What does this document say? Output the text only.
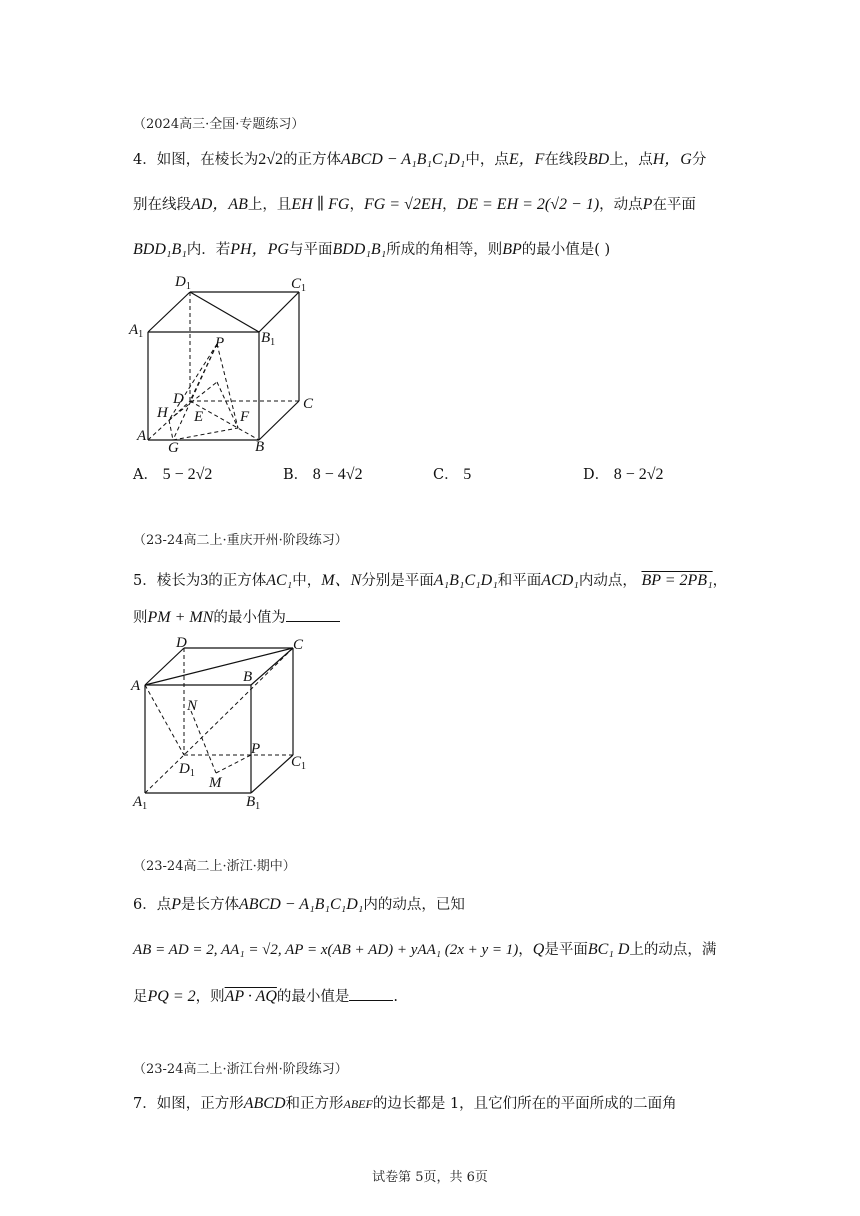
（2024高三·全国·专题练习）
4．如图，在棱长为2√2的正方体ABCD − A₁B₁C₁D₁中，点E，F在线段BD上，点H，G分
别在线段AD，AB上，且EH ∥ FG，FG = √2EH，DE = EH = 2(√2 − 1)，动点P在平面
BDD₁B₁内．若PH，PG与平面BDD₁B₁所成的角相等，则BP的最小值是( )
$D_1$	$C_1$
$A_1$	$B_1$
P
D	C
H E F
A
G	B
A． 5 − 2√2	B． 8 − 4√2	C． 5	D． 8 − 2√2
（23-24高二上·重庆开州·阶段练习）
5．棱长为3的正方体AC₁中，M、N分别是平面A₁B₁C₁D₁和平面ACD₁内动点， BP = 2PB₁，
则PM + MN的最小值为
D	C
A
B
N
P
$D_1$
$C_1$
M
$A_1$	$B_1$
（23-24高二上·浙江·期中）
6．点P是长方体ABCD − A₁B₁C₁D₁内的动点，已知
AB = AD = 2, AA₁ = √2, AP = x(AB + AD) + yAA₁ (2x + y = 1)，Q是平面BC₁ D上的动点，满
足PQ = 2，则AP · AQ的最小值是	.
（23-24高二上·浙江台州·阶段练习）
7．如图，正方形ABCD和正方形ABEF的边长都是 1，且它们所在的平面所成的二面角
试卷第 5页，共 6页
